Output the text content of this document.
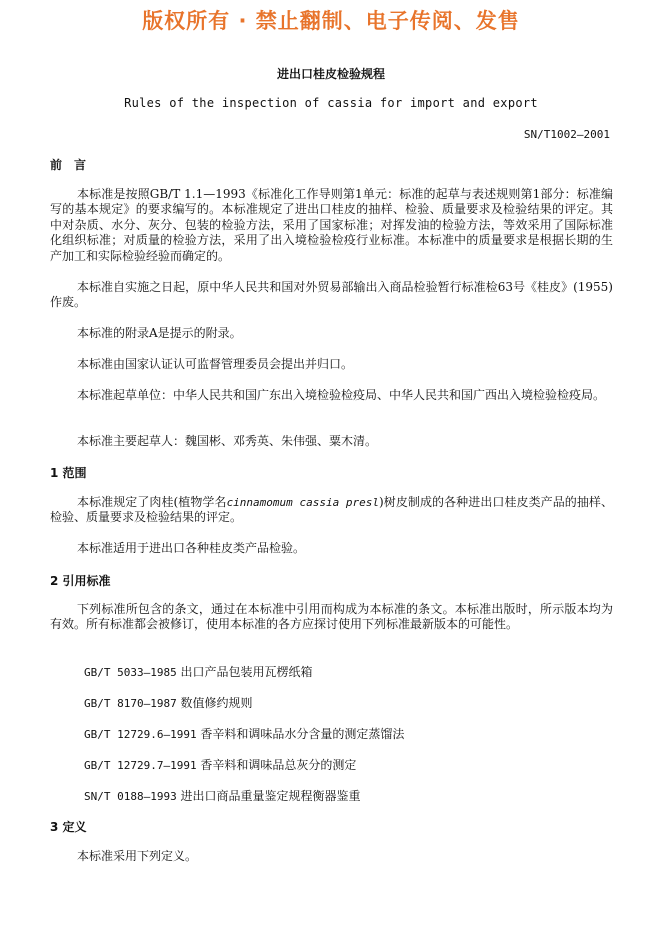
版权所有 · 禁止翻制、电子传阅、发售
进出口桂皮检验规程
Rules of the inspection of cassia for import and export
SN/T1002—2001
前　言
本标准是按照GB/T 1.1—1993《标准化工作导则第1单元：标准的起草与表述规则第1部分：标准编写的基本规定》的要求编写的。本标准规定了进出口桂皮的抽样、检验、质量要求及检验结果的评定。其中对杂质、水分、灰分、包装的检验方法，采用了国家标准；对挥发油的检验方法，等效采用了国际标准化组织标准；对质量的检验方法，采用了出入境检验检疫行业标准。本标准中的质量要求是根据长期的生产加工和实际检验经验而确定的。
本标准自实施之日起，原中华人民共和国对外贸易部输出入商品检验暂行标准检63号《桂皮》(1955)作废。
本标准的附录A是提示的附录。
本标准由国家认证认可监督管理委员会提出并归口。
本标准起草单位：中华人民共和国广东出入境检验检疫局、中华人民共和国广西出入境检验检疫局。
本标准主要起草人：魏国彬、邓秀英、朱伟强、粟木清。
1 范围
本标准规定了肉桂(植物学名cinnamomum cassia presl)树皮制成的各种进出口桂皮类产品的抽样、检验、质量要求及检验结果的评定。
本标准适用于进出口各种桂皮类产品检验。
2 引用标准
下列标准所包含的条文，通过在本标准中引用而构成为本标准的条文。本标准出版时，所示版本均为有效。所有标准都会被修订，使用本标准的各方应探讨使用下列标准最新版本的可能性。
GB/T 5033—1985 出口产品包装用瓦楞纸箱
GB/T 8170—1987 数值修约规则
GB/T 12729.6—1991 香辛料和调味品水分含量的测定蒸馏法
GB/T 12729.7—1991 香辛料和调味品总灰分的测定
SN/T 0188—1993 进出口商品重量鉴定规程衡器鉴重
3 定义
本标准采用下列定义。
